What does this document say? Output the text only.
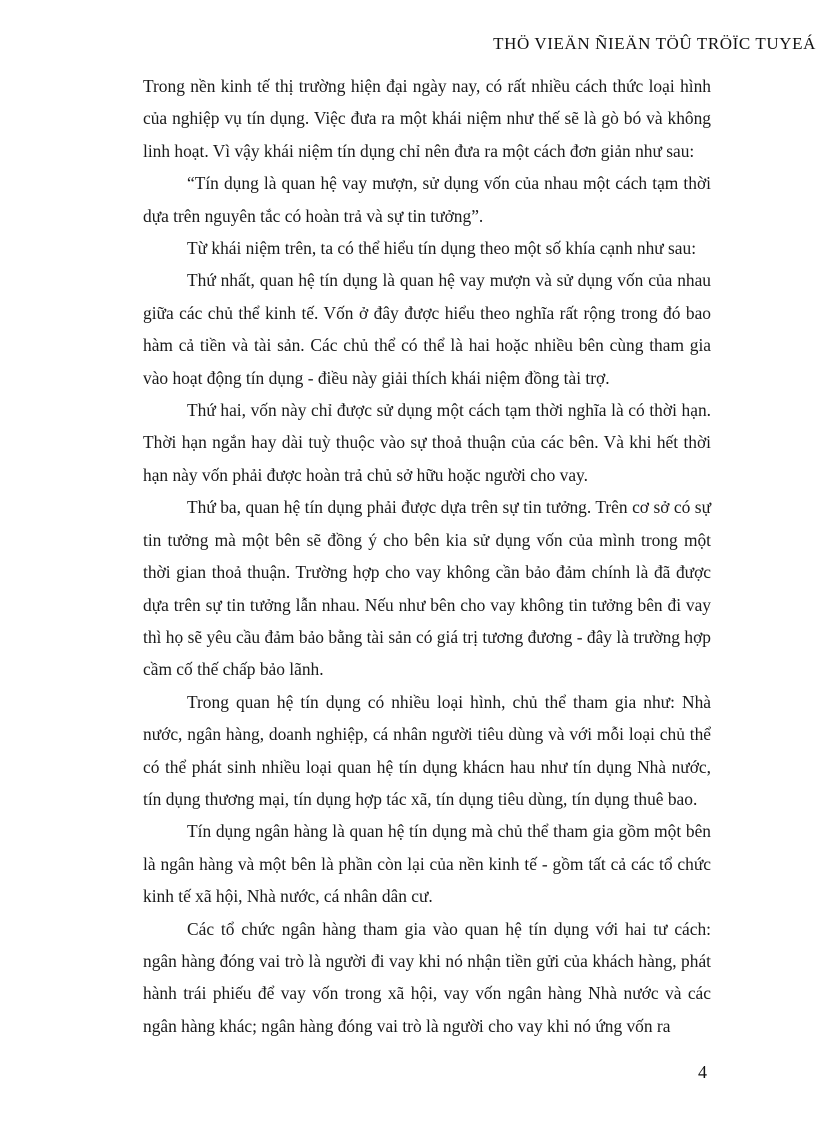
THÖ VIEÄN ÑIEÄN TÖÛ TRÖÏC TUYEÁ

Trong nền kinh tế thị trường hiện đại ngày nay, có rất nhiều cách thức loại hình của nghiệp vụ tín dụng. Việc đưa ra một khái niệm như thế sẽ là gò bó và không linh hoạt. Vì vậy khái niệm tín dụng chỉ nên đưa ra một cách đơn giản như sau:

“Tín dụng là quan hệ vay mượn, sử dụng vốn của nhau một cách tạm thời dựa trên nguyên tắc có hoàn trả và sự tin tưởng”.

Từ khái niệm trên, ta có thể hiểu tín dụng theo một số khía cạnh như sau:

Thứ nhất, quan hệ tín dụng là quan hệ vay mượn và sử dụng vốn của nhau giữa các chủ thể kinh tế. Vốn ở đây được hiểu theo nghĩa rất rộng trong đó bao hàm cả tiền và tài sản. Các chủ thể có thể là hai hoặc nhiều bên cùng tham gia vào hoạt động tín dụng - điều này giải thích khái niệm đồng tài trợ.

Thứ hai, vốn này chỉ được sử dụng một cách tạm thời nghĩa là có thời hạn. Thời hạn ngắn hay dài tuỳ thuộc vào sự thoả thuận của các bên. Và khi hết thời hạn này vốn phải được hoàn trả chủ sở hữu hoặc người cho vay.

Thứ ba, quan hệ tín dụng phải được dựa trên sự tin tưởng. Trên cơ sở có sự tin tưởng mà một bên sẽ đồng ý cho bên kia sử dụng vốn của mình trong một thời gian thoả thuận. Trường hợp cho vay không cần bảo đảm chính là đã được dựa trên sự tin tưởng lẫn nhau. Nếu như bên cho vay không tin tưởng bên đi vay thì họ sẽ yêu cầu đảm bảo bằng tài sản có giá trị tương đương - đây là trường hợp cầm cố thế chấp bảo lãnh.

Trong quan hệ tín dụng có nhiều loại hình, chủ thể tham gia như: Nhà nước, ngân hàng, doanh nghiệp, cá nhân người tiêu dùng và với mỗi loại chủ thể có thể phát sinh nhiều loại quan hệ tín dụng khácn hau như tín dụng Nhà nước, tín dụng thương mại, tín dụng hợp tác xã, tín dụng tiêu dùng, tín dụng thuê bao.

Tín dụng ngân hàng là quan hệ tín dụng mà chủ thể tham gia gồm một bên là ngân hàng và một bên là phần còn lại của nền kinh tế - gồm tất cả các tổ chức kinh tế xã hội, Nhà nước, cá nhân dân cư.

Các tổ chức ngân hàng tham gia vào quan hệ tín dụng với hai tư cách: ngân hàng đóng vai trò là người đi vay khi nó nhận tiền gửi của khách hàng, phát hành trái phiếu để vay vốn trong xã hội, vay vốn ngân hàng Nhà nước và các ngân hàng khác; ngân hàng đóng vai trò là người cho vay khi nó ứng vốn ra

4
